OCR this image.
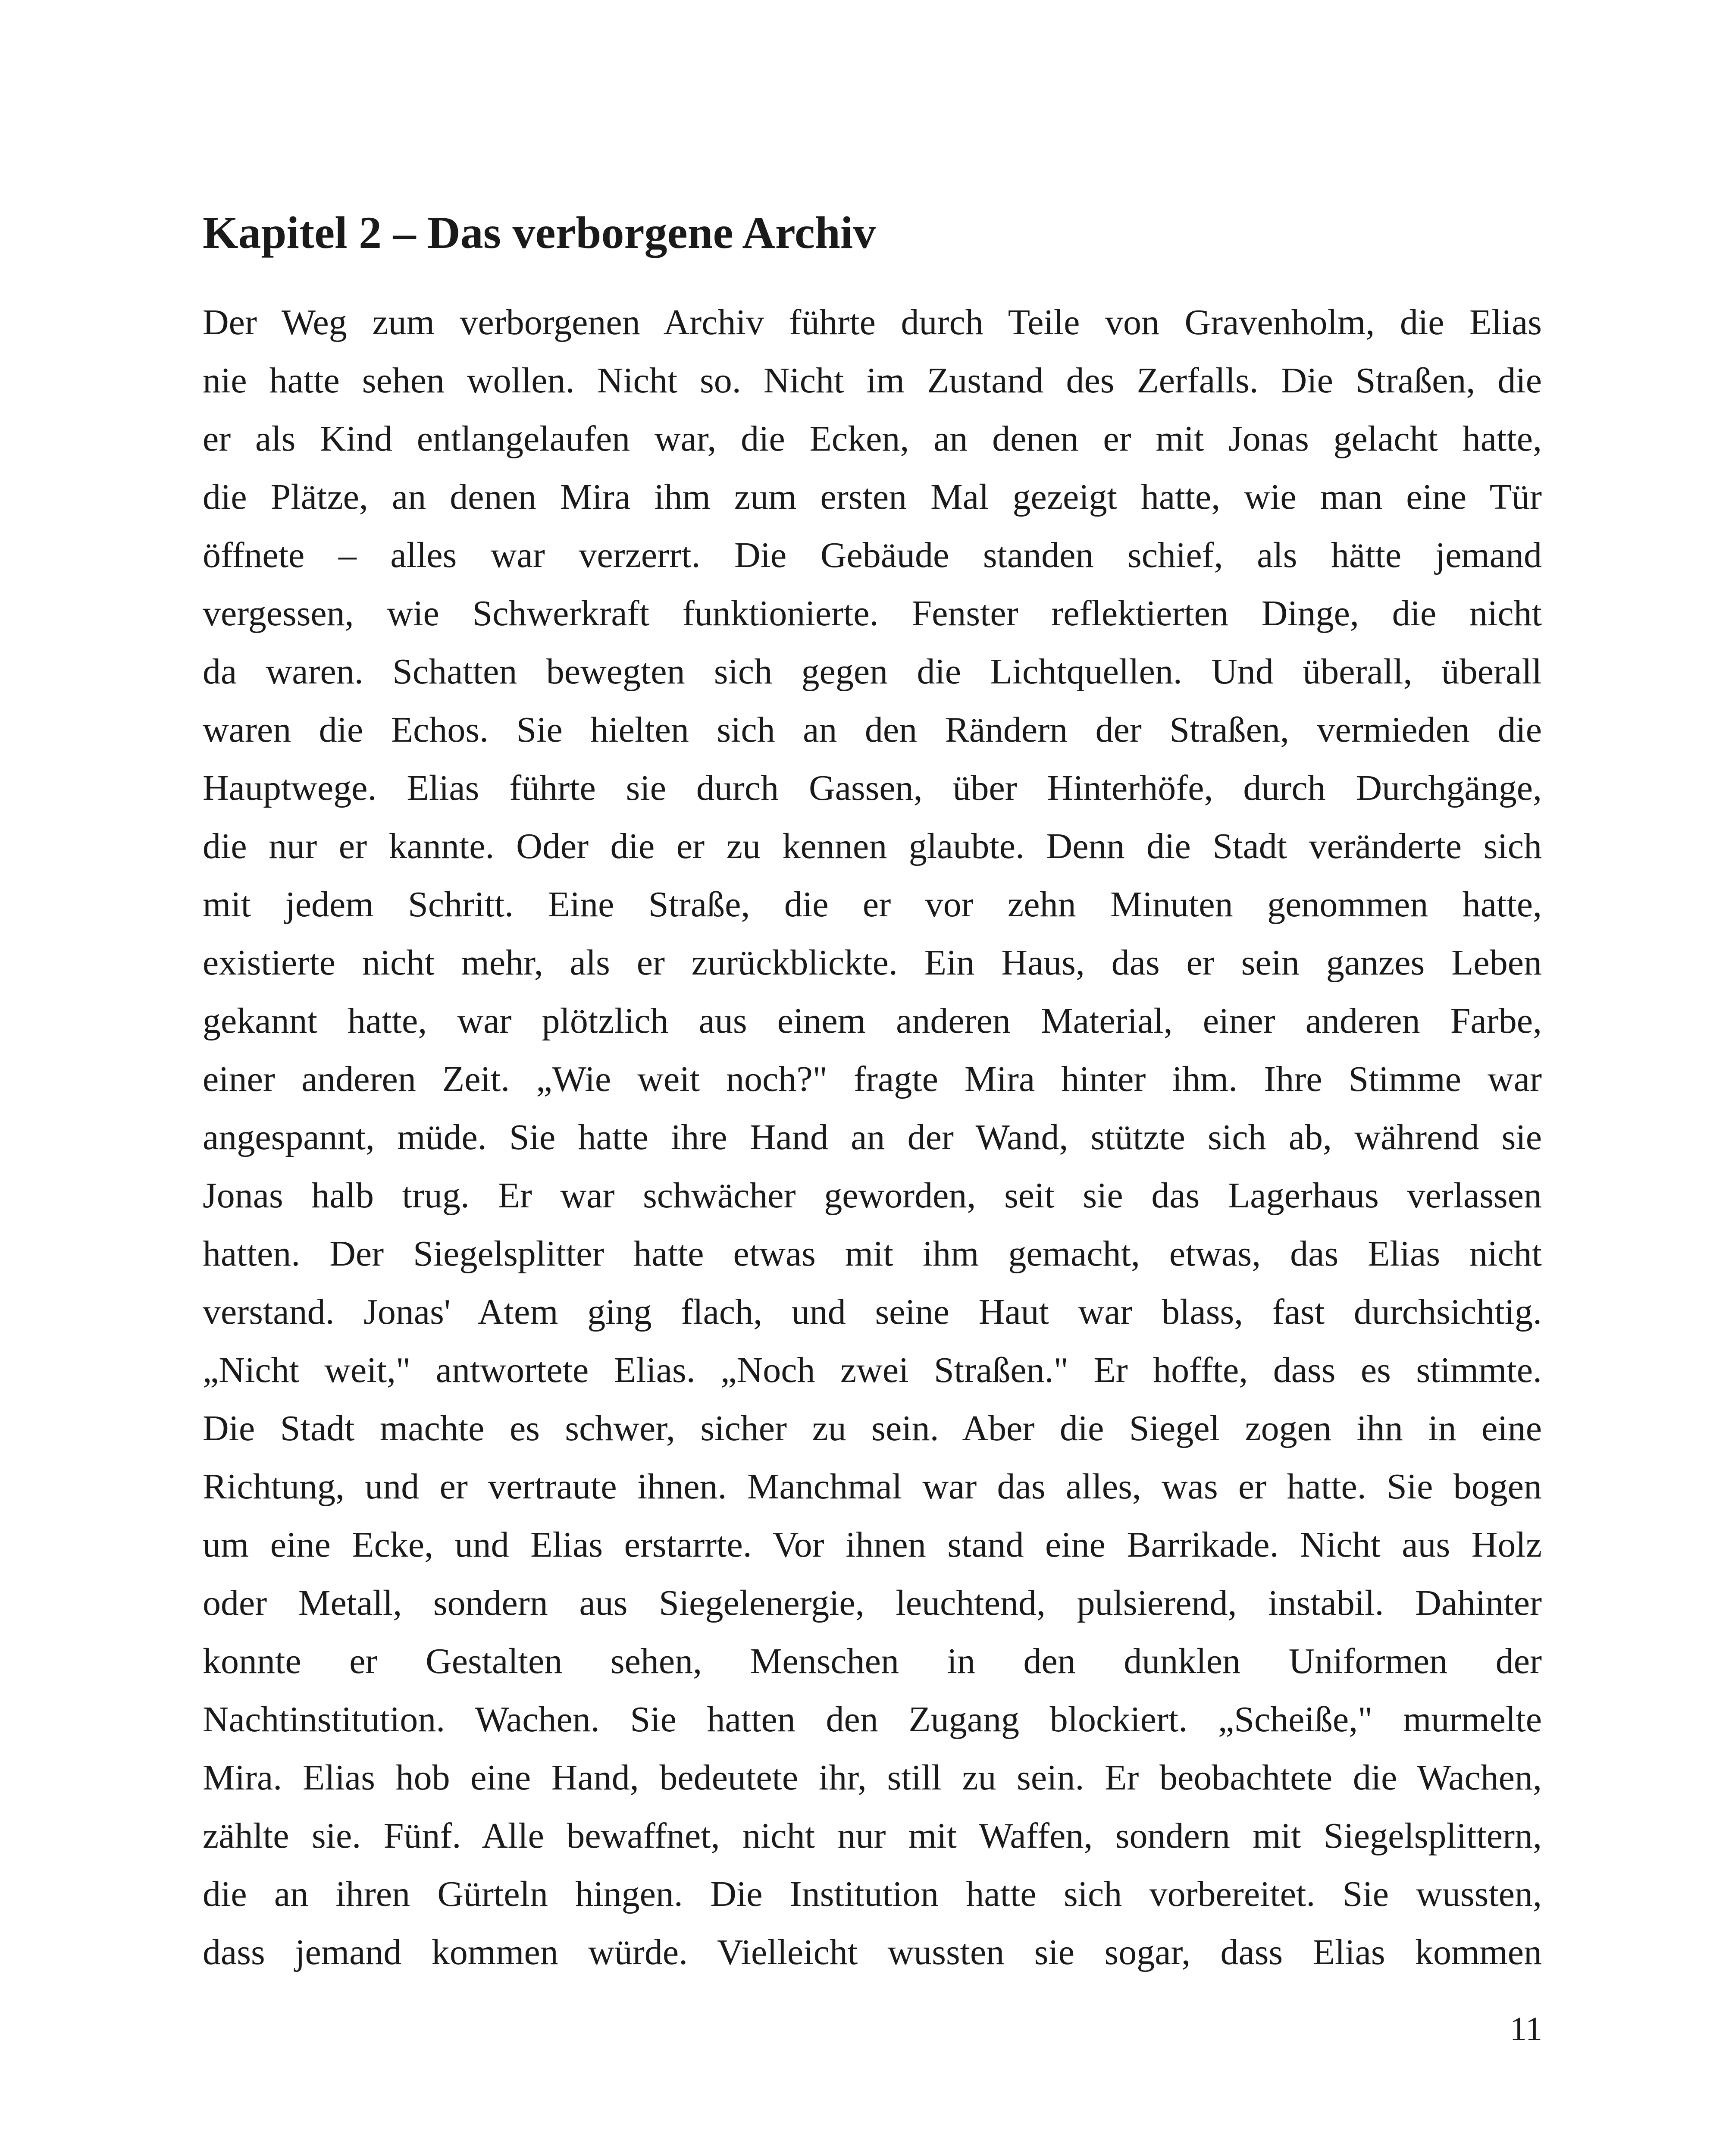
Kapitel 2 – Das verborgene Archiv
Der Weg zum verborgenen Archiv führte durch Teile von Gravenholm, die Elias
nie hatte sehen wollen. Nicht so. Nicht im Zustand des Zerfalls. Die Straßen, die
er als Kind entlangelaufen war, die Ecken, an denen er mit Jonas gelacht hatte,
die Plätze, an denen Mira ihm zum ersten Mal gezeigt hatte, wie man eine Tür
öffnete – alles war verzerrt. Die Gebäude standen schief, als hätte jemand
vergessen, wie Schwerkraft funktionierte. Fenster reflektierten Dinge, die nicht
da waren. Schatten bewegten sich gegen die Lichtquellen. Und überall, überall
waren die Echos. Sie hielten sich an den Rändern der Straßen, vermieden die
Hauptwege. Elias führte sie durch Gassen, über Hinterhöfe, durch Durchgänge,
die nur er kannte. Oder die er zu kennen glaubte. Denn die Stadt veränderte sich
mit jedem Schritt. Eine Straße, die er vor zehn Minuten genommen hatte,
existierte nicht mehr, als er zurückblickte. Ein Haus, das er sein ganzes Leben
gekannt hatte, war plötzlich aus einem anderen Material, einer anderen Farbe,
einer anderen Zeit. „Wie weit noch?" fragte Mira hinter ihm. Ihre Stimme war
angespannt, müde. Sie hatte ihre Hand an der Wand, stützte sich ab, während sie
Jonas halb trug. Er war schwächer geworden, seit sie das Lagerhaus verlassen
hatten. Der Siegelsplitter hatte etwas mit ihm gemacht, etwas, das Elias nicht
verstand. Jonas' Atem ging flach, und seine Haut war blass, fast durchsichtig.
„Nicht weit," antwortete Elias. „Noch zwei Straßen." Er hoffte, dass es stimmte.
Die Stadt machte es schwer, sicher zu sein. Aber die Siegel zogen ihn in eine
Richtung, und er vertraute ihnen. Manchmal war das alles, was er hatte. Sie bogen
um eine Ecke, und Elias erstarrte. Vor ihnen stand eine Barrikade. Nicht aus Holz
oder Metall, sondern aus Siegelenergie, leuchtend, pulsierend, instabil. Dahinter
konnte er Gestalten sehen, Menschen in den dunklen Uniformen der
Nachtinstitution. Wachen. Sie hatten den Zugang blockiert. „Scheiße," murmelte
Mira. Elias hob eine Hand, bedeutete ihr, still zu sein. Er beobachtete die Wachen,
zählte sie. Fünf. Alle bewaffnet, nicht nur mit Waffen, sondern mit Siegelsplittern,
die an ihren Gürteln hingen. Die Institution hatte sich vorbereitet. Sie wussten,
dass jemand kommen würde. Vielleicht wussten sie sogar, dass Elias kommen

11
